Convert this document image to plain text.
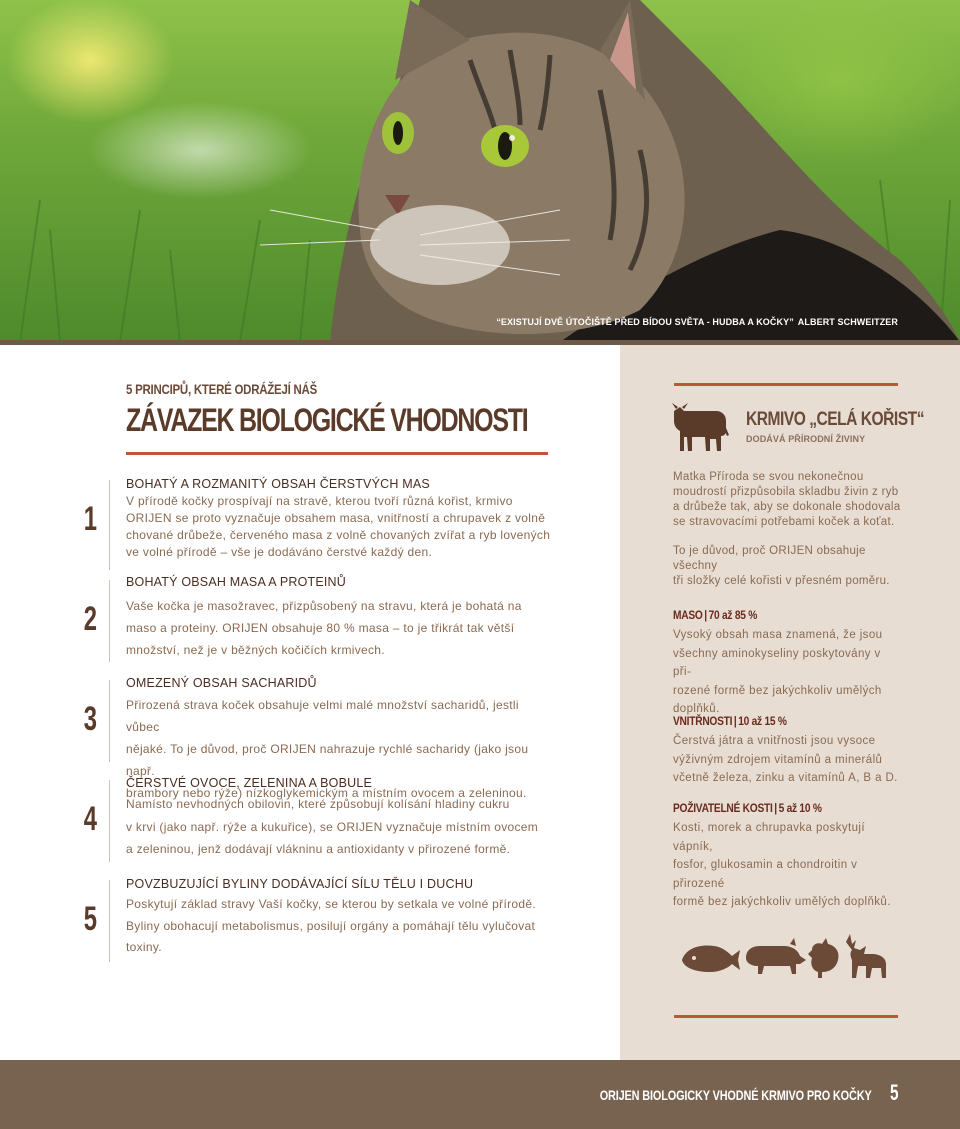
“EXISTUJÍ DVĚ ÚTOČIŠTĚ PŘED BÍDOU SVĚTA - HUDBA A KOČKY” ALBERT SCHWEITZER
5 PRINCIPŮ, KTERÉ ODRÁŽEJÍ NÁŠ
ZÁVAZEK BIOLOGICKÉ VHODNOSTI
1
BOHATÝ A ROZMANITÝ OBSAH ČERSTVÝCH MAS
V přírodě kočky prospívají na stravě, kterou tvoří různá kořist, krmivo
ORIJEN se proto vyznačuje obsahem masa, vnitřností a chrupavek z volně
chované drůbeže, červeného masa z volně chovaných zvířat a ryb lovených
ve volné přírodě – vše je dodáváno čerstvé každý den.
2
BOHATÝ OBSAH MASA A PROTEINŮ
Vaše kočka je masožravec, přizpůsobený na stravu, která je bohatá na
maso a proteiny. ORIJEN obsahuje 80 % masa – to je třikrát tak větší
množství, než je v běžných kočičích krmivech.
3
OMEZENÝ OBSAH SACHARIDŮ
Přirozená strava koček obsahuje velmi malé množství sacharidů, jestli vůbec
nějaké. To je důvod, proč ORIJEN nahrazuje rychlé sacharidy (jako jsou např.
brambory nebo rýže) nízkoglykemickým a místním ovocem a zeleninou.
4
ČERSTVÉ OVOCE, ZELENINA A BOBULE
Namísto nevhodných obilovin, které způsobují kolísání hladiny cukru
v krvi (jako např. rýže a kukuřice), se ORIJEN vyznačuje místním ovocem
a zeleninou, jenž dodávají vlákninu a antioxidanty v přirozené formě.
5
POVZBUZUJÍCÍ BYLINY DODÁVAJÍCÍ SÍLU TĚLU I DUCHU
Poskytují základ stravy Vaší kočky, se kterou by setkala ve volné přírodě.
Byliny obohacují metabolismus, posilují orgány a pomáhají tělu vylučovat
toxiny.
KRMIVO „CELÁ KOŘIST“
DODÁVÁ PŘÍRODNÍ ŽIVINY
Matka Příroda se svou nekonečnou
moudrostí přizpůsobila skladbu živin z ryb
a drůbeže tak, aby se dokonale shodovala
se stravovacími potřebami koček a koťat.
To je důvod, proč ORIJEN obsahuje všechny
tři složky celé kořisti v přesném poměru.
MASO | 70 až 85 %
Vysoký obsah masa znamená, že jsou
všechny aminokyseliny poskytovány v při-
rozené formě bez jakýchkoliv umělých
doplňků.
VNITŘNOSTI | 10 až 15 %
Čerstvá játra a vnitřnosti jsou vysoce
výživným zdrojem vitamínů a minerálů
včetně železa, zinku a vitamínů A, B a D.
POŽIVATELNÉ KOSTI | 5 až 10 %
Kosti, morek a chrupavka poskytují vápník,
fosfor, glukosamin a chondroitin v přirozené
formě bez jakýchkoliv umělých doplňků.
ORIJEN BIOLOGICKY VHODNÉ KRMIVO PRO KOČKY 5
